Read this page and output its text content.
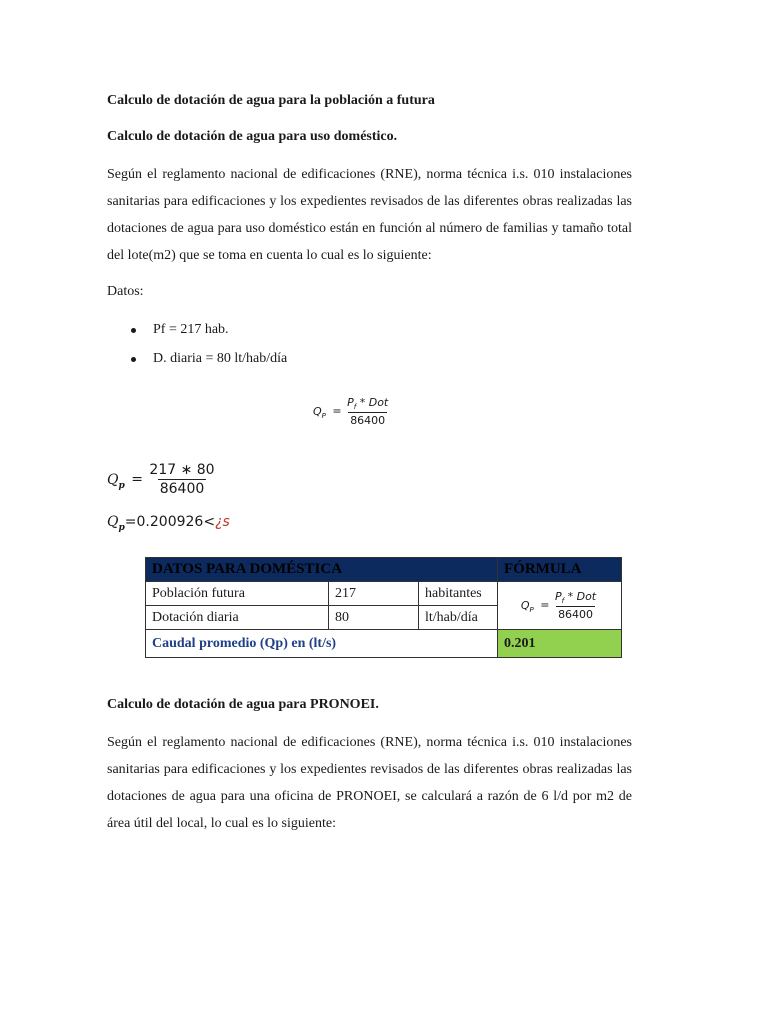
Calculo de dotación de agua para la población a futura
Calculo de dotación de agua para uso doméstico.
Según el reglamento nacional de edificaciones (RNE), norma técnica i.s. 010 instalaciones sanitarias para edificaciones y los expedientes revisados de las diferentes obras realizadas las dotaciones de agua para uso doméstico están en función al número de familias y tamaño total del lote(m2) que se toma en cuenta lo cual es lo siguiente:
Datos:
Pf = 217 hab.
D. diaria = 80 lt/hab/día
$Q_P = \frac{P_f * Dot}{86400}$
$Q_p = \frac{217 ∗ 80}{86400}$
$Q_p=0.200926<¿s$
DATOS PARA DOMÉSTICA			FÓRMULA
Población futura	217	habitantes	$Q_P = \frac{P_f * Dot}{86400}$

Dotación diaria	80	lt/hab/día	
Caudal promedio (Qp) en (lt/s)			0.201
Calculo de dotación de agua para PRONOEI.
Según el reglamento nacional de edificaciones (RNE), norma técnica i.s. 010 instalaciones sanitarias para edificaciones y los expedientes revisados de las diferentes obras realizadas las dotaciones de agua para una oficina de PRONOEI, se calculará a razón de 6 l/d por m2 de área útil del local, lo cual es lo siguiente:
